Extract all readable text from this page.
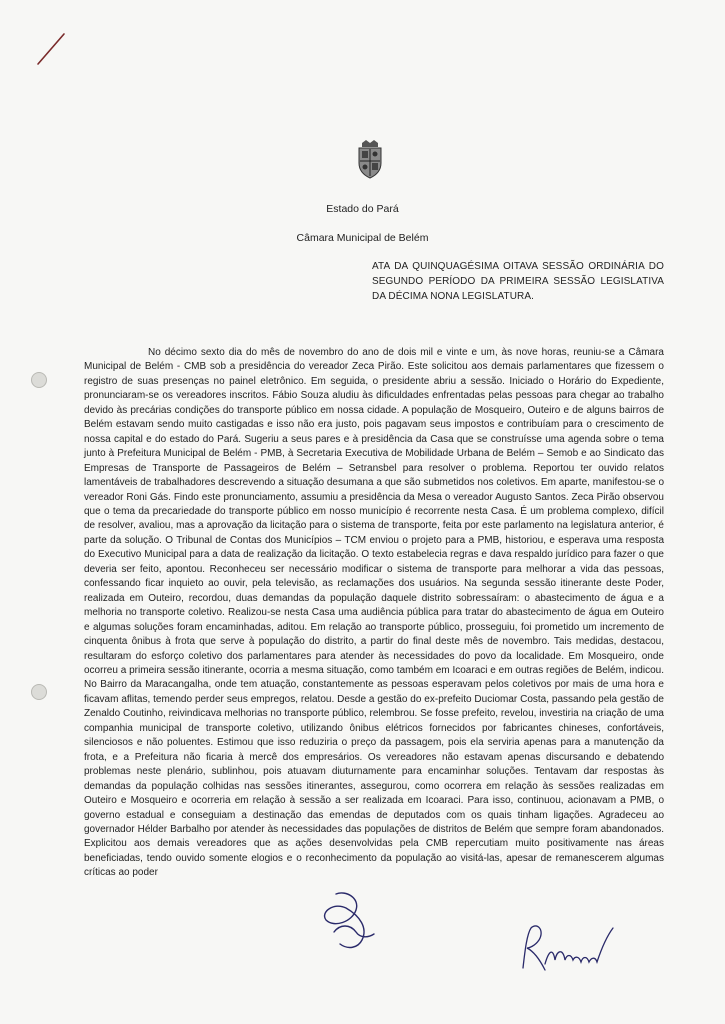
Estado do Pará
Câmara Municipal de Belém
ATA DA QUINQUAGÉSIMA OITAVA SESSÃO ORDINÁRIA DO SEGUNDO PERÍODO DA PRIMEIRA SESSÃO LEGISLATIVA DA DÉCIMA NONA LEGISLATURA.

No décimo sexto dia do mês de novembro do ano de dois mil e vinte e um, às nove horas, reuniu-se a Câmara Municipal de Belém - CMB sob a presidência do vereador Zeca Pirão. Este solicitou aos demais parlamentares que fizessem o registro de suas presenças no painel eletrônico. Em seguida, o presidente abriu a sessão. Iniciado o Horário do Expediente, pronunciaram-se os vereadores inscritos. Fábio Souza aludiu às dificuldades enfrentadas pelas pessoas para chegar ao trabalho devido às precárias condições do transporte público em nossa cidade. A população de Mosqueiro, Outeiro e de alguns bairros de Belém estavam sendo muito castigadas e isso não era justo, pois pagavam seus impostos e contribuíam para o crescimento de nossa capital e do estado do Pará. Sugeriu a seus pares e à presidência da Casa que se construísse uma agenda sobre o tema junto à Prefeitura Municipal de Belém - PMB, à Secretaria Executiva de Mobilidade Urbana de Belém – Semob e ao Sindicato das Empresas de Transporte de Passageiros de Belém – Setransbel para resolver o problema. Reportou ter ouvido relatos lamentáveis de trabalhadores descrevendo a situação desumana a que são submetidos nos coletivos. Em aparte, manifestou-se o vereador Roni Gás. Findo este pronunciamento, assumiu a presidência da Mesa o vereador Augusto Santos. Zeca Pirão observou que o tema da precariedade do transporte público em nosso município é recorrente nesta Casa. É um problema complexo, difícil de resolver, avaliou, mas a aprovação da licitação para o sistema de transporte, feita por este parlamento na legislatura anterior, é parte da solução. O Tribunal de Contas dos Municípios – TCM enviou o projeto para a PMB, historiou, e esperava uma resposta do Executivo Municipal para a data de realização da licitação. O texto estabelecia regras e dava respaldo jurídico para fazer o que deveria ser feito, apontou. Reconheceu ser necessário modificar o sistema de transporte para melhorar a vida das pessoas, confessando ficar inquieto ao ouvir, pela televisão, as reclamações dos usuários. Na segunda sessão itinerante deste Poder, realizada em Outeiro, recordou, duas demandas da população daquele distrito sobressaíram: o abastecimento de água e a melhoria no transporte coletivo. Realizou-se nesta Casa uma audiência pública para tratar do abastecimento de água em Outeiro e algumas soluções foram encaminhadas, aditou. Em relação ao transporte público, prosseguiu, foi prometido um incremento de cinquenta ônibus à frota que serve à população do distrito, a partir do final deste mês de novembro. Tais medidas, destacou, resultaram do esforço coletivo dos parlamentares para atender às necessidades do povo da localidade. Em Mosqueiro, onde ocorreu a primeira sessão itinerante, ocorria a mesma situação, como também em Icoaraci e em outras regiões de Belém, indicou. No Bairro da Maracangalha, onde tem atuação, constantemente as pessoas esperavam pelos coletivos por mais de uma hora e ficavam aflitas, temendo perder seus empregos, relatou. Desde a gestão do ex-prefeito Duciomar Costa, passando pela gestão de Zenaldo Coutinho, reivindicava melhorias no transporte público, relembrou. Se fosse prefeito, revelou, investiria na criação de uma companhia municipal de transporte coletivo, utilizando ônibus elétricos fornecidos por fabricantes chineses, confortáveis, silenciosos e não poluentes. Estimou que isso reduziria o preço da passagem, pois ela serviria apenas para a manutenção da frota, e a Prefeitura não ficaria à mercê dos empresários. Os vereadores não estavam apenas discursando e debatendo problemas neste plenário, sublinhou, pois atuavam diuturnamente para encaminhar soluções. Tentavam dar respostas às demandas da população colhidas nas sessões itinerantes, assegurou, como ocorrera em relação às sessões realizadas em Outeiro e Mosqueiro e ocorreria em relação à sessão a ser realizada em Icoaraci. Para isso, continuou, acionavam a PMB, o governo estadual e conseguiam a destinação das emendas de deputados com os quais tinham ligações. Agradeceu ao governador Hélder Barbalho por atender às necessidades das populações de distritos de Belém que sempre foram abandonados. Explicitou aos demais vereadores que as ações desenvolvidas pela CMB repercutiam muito positivamente nas áreas beneficiadas, tendo ouvido somente elogios e o reconhecimento da população ao visitá-las, apesar de remanescerem algumas críticas ao poder
